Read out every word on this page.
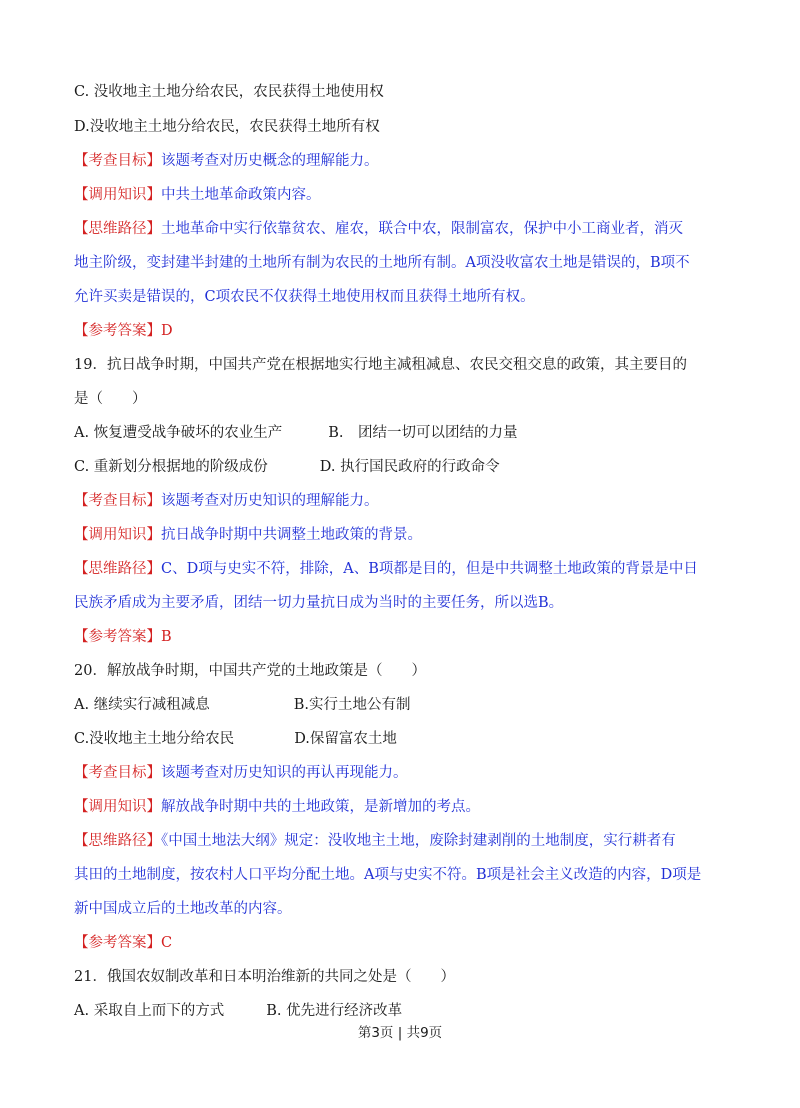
C. 没收地主土地分给农民，农民获得土地使用权
D.没收地主土地分给农民，农民获得土地所有权
【考查目标】该题考查对历史概念的理解能力。
【调用知识】中共土地革命政策内容。
【思维路径】土地革命中实行依靠贫农、雇农，联合中农，限制富农，保护中小工商业者，消灭
地主阶级，变封建半封建的土地所有制为农民的土地所有制。A项没收富农土地是错误的，B项不
允许买卖是错误的，C项农民不仅获得土地使用权而且获得土地所有权。
【参考答案】D
19．抗日战争时期，中国共产党在根据地实行地主减租减息、农民交租交息的政策，其主要目的
是（　　）
A. 恢复遭受战争破坏的农业生产	B.　团结一切可以团结的力量
C. 重新划分根据地的阶级成份	D. 执行国民政府的行政命令
【考查目标】该题考查对历史知识的理解能力。
【调用知识】抗日战争时期中共调整土地政策的背景。
【思维路径】C、D项与史实不符，排除，A、B项都是目的，但是中共调整土地政策的背景是中日
民族矛盾成为主要矛盾，团结一切力量抗日成为当时的主要任务，所以选B。
【参考答案】B
20．解放战争时期，中国共产党的土地政策是（　　）
A. 继续实行减租减息	B.实行土地公有制
C.没收地主土地分给农民	D.保留富农土地
【考查目标】该题考查对历史知识的再认再现能力。
【调用知识】解放战争时期中共的土地政策，是新增加的考点。
【思维路径】《中国土地法大纲》规定：没收地主土地，废除封建剥削的土地制度，实行耕者有
其田的土地制度，按农村人口平均分配土地。A项与史实不符。B项是社会主义改造的内容，D项是
新中国成立后的土地改革的内容。
【参考答案】C
21．俄国农奴制改革和日本明治维新的共同之处是（　　）
A. 采取自上而下的方式	B. 优先进行经济改革
第3页 | 共9页
